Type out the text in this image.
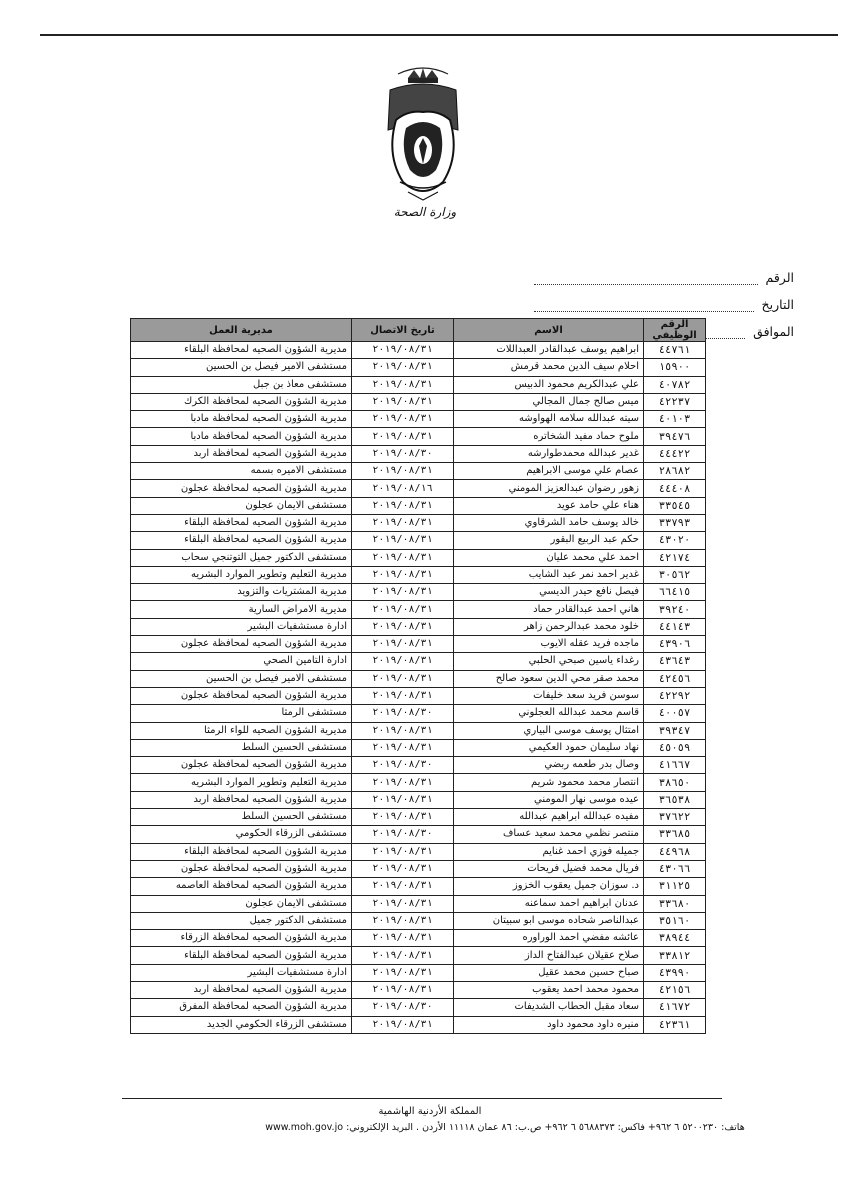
وزارة الصحة
الرقم
التاريخ
الموافق
الرقم الوظيفي	الاسم	تاريخ الاتصال	مديرية العمل
٤٤٧٦١	ابراهيم يوسف عبدالقادر العبداللات	٢٠١٩/٠٨/٣١	مديرية الشؤون الصحيه لمحافظة البلقاء
١٥٩٠٠	احلام سيف الدين محمد قرمش	٢٠١٩/٠٨/٣١	مستشفى الامير فيصل بن الحسين
٤٠٧٨٢	علي عبدالكريم محمود الدبيس	٢٠١٩/٠٨/٣١	مستشفى معاذ بن جبل
٤٢٢٣٧	ميس صالح جمال المجالي	٢٠١٩/٠٨/٣١	مديرية الشؤون الصحيه لمحافظة الكرك
٤٠١٠٣	سيته عبدالله سلامه الهواوشه	٢٠١٩/٠٨/٣١	مديرية الشؤون الصحيه لمحافظة مادبا
٣٩٤٧٦	ملوح حماد مفيد الشخاتره	٢٠١٩/٠٨/٣١	مديرية الشؤون الصحيه لمحافظة مادبا
٤٤٤٢٢	غدير عبدالله محمدطوارشه	٢٠١٩/٠٨/٣٠	مديرية الشؤون الصحيه لمحافظة اربد
٢٨٦٨٢	عصام علي موسى الابراهيم	٢٠١٩/٠٨/٣١	مستشفى الاميره بسمه
٤٤٤٠٨	زهور رضوان عبدالعزيز المومني	٢٠١٩/٠٨/١٦	مديرية الشؤون الصحيه لمحافظة عجلون
٣٣٥٤٥	هناء علي حامد عويد	٢٠١٩/٠٨/٣١	مستشفى الايمان عجلون
٣٣٧٩٣	خالد يوسف حامد الشرقاوي	٢٠١٩/٠٨/٣١	مديرية الشؤون الصحيه لمحافظة البلقاء
٤٣٠٢٠	حكم عبد الربيع البقور	٢٠١٩/٠٨/٣١	مديرية الشؤون الصحيه لمحافظة البلقاء
٤٢١٧٤	احمد علي محمد عليان	٢٠١٩/٠٨/٣١	مستشفى الدكتور جميل التوتنجي سحاب
٣٠٥٦٢	غدير احمد نمر عبد الشايب	٢٠١٩/٠٨/٣١	مديرية التعليم وتطوير الموارد البشريه
٦٦٤١٥	فيصل نافع حيدر الديسي	٢٠١٩/٠٨/٣١	مديرية المشتريات والتزويد
٣٩٢٤٠	هاني احمد عبدالقادر حماد	٢٠١٩/٠٨/٣١	مديرية الامراض السارية
٤٤١٤٣	خلود محمد عبدالرحمن زاهر	٢٠١٩/٠٨/٣١	ادارة مستشفيات البشير
٤٣٩٠٦	ماجده فريد عقله الايوب	٢٠١٩/٠٨/٣١	مديرية الشؤون الصحيه لمحافظة عجلون
٤٣٦٤٣	رغداء ياسين صبحي الحلبي	٢٠١٩/٠٨/٣١	ادارة التامين الصحي
٤٢٤٥٦	محمد صقر محي الدين سعود صالح	٢٠١٩/٠٨/٣١	مستشفى الامير فيصل بن الحسين
٤٢٢٩٢	سوسن فريد سعد خليفات	٢٠١٩/٠٨/٣١	مديرية الشؤون الصحيه لمحافظة عجلون
٤٠٠٥٧	قاسم محمد عبدالله العجلوني	٢٠١٩/٠٨/٣٠	مستشفى الرمثا
٣٩٣٤٧	امتثال يوسف موسى البياري	٢٠١٩/٠٨/٣١	مديرية الشؤون الصحيه للواء الرمثا
٤٥٠٥٩	نهاد سليمان حمود العكيمي	٢٠١٩/٠٨/٣١	مستشفى الحسين السلط
٤١٦٦٧	وصال بدر طعمه ربضي	٢٠١٩/٠٨/٣٠	مديرية الشؤون الصحيه لمحافظة عجلون
٣٨٦٥٠	انتصار محمد محمود شريم	٢٠١٩/٠٨/٣١	مديرية التعليم وتطوير الموارد البشريه
٣٦٥٣٨	عيده موسى نهار المومني	٢٠١٩/٠٨/٣١	مديرية الشؤون الصحيه لمحافظة اربد
٣٧٦٢٢	مفيده عبدالله ابراهيم عبدالله	٢٠١٩/٠٨/٣١	مستشفى الحسين السلط
٣٣٦٨٥	منتصر نظمي محمد سعيد عساف	٢٠١٩/٠٨/٣٠	مستشفى الزرقاء الحكومي
٤٤٩٦٨	جميله فوزي احمد غنايم	٢٠١٩/٠٨/٣١	مديرية الشؤون الصحيه لمحافظة البلقاء
٤٣٠٦٦	فريال محمد فضيل فريحات	٢٠١٩/٠٨/٣١	مديرية الشؤون الصحيه لمحافظة عجلون
٣١١٢٥	د. سوزان جميل يعقوب الخزوز	٢٠١٩/٠٨/٣١	مديرية الشؤون الصحيه لمحافظة العاصمه
٣٣٦٨٠	عدنان ابراهيم احمد سماعنه	٢٠١٩/٠٨/٣١	مستشفى الايمان عجلون
٣٥١٦٠	عبدالناصر شحاده موسى ابو سبيتان	٢٠١٩/٠٨/٣١	مستشفى الدكتور جميل
٣٨٩٤٤	عائشه مفضي احمد الوراوره	٢٠١٩/٠٨/٣١	مديرية الشؤون الصحيه لمحافظة الزرقاء
٣٣٨١٢	صلاح عقيلان عبدالفتاح الداز	٢٠١٩/٠٨/٣١	مديرية الشؤون الصحيه لمحافظة البلقاء
٤٣٩٩٠	صباح حسين محمد عقيل	٢٠١٩/٠٨/٣١	ادارة مستشفيات البشير
٤٢١٥٦	محمود محمد احمد يعقوب	٢٠١٩/٠٨/٣١	مديرية الشؤون الصحيه لمحافظة اربد
٤١٦٧٢	سعاد مقبل الحطاب الشديفات	٢٠١٩/٠٨/٣٠	مديرية الشؤون الصحيه لمحافظة المفرق
٤٢٣٦١	منيره داود محمود داود	٢٠١٩/٠٨/٣١	مستشفى الزرقاء الحكومي الجديد
المملكة الأردنية الهاشمية
هاتف: ٥٢٠٠٢٣٠ ٦ ٩٦٢+ فاكس: ٥٦٨٨٣٧٣ ٦ ٩٦٢+ ص.ب: ٨٦ عمان ١١١١٨ الأردن . البريد الإلكتروني: www.moh.gov.jo
